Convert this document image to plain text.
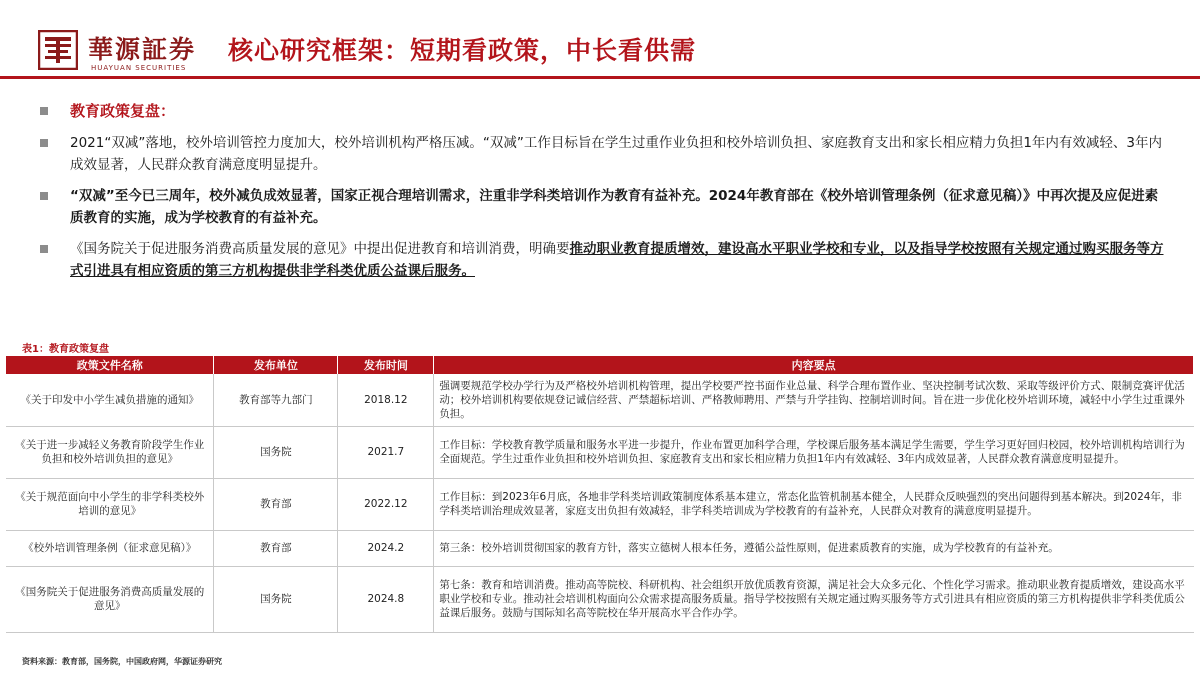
華源証券
HUAYUAN SECURITIES
核心研究框架：短期看政策，中长看供需
教育政策复盘：
2021“双减”落地，校外培训管控力度加大，校外培训机构严格压减。“双减”工作目标旨在学生过重作业负担和校外培训负担、家庭教育支出和家长相应精力负担1年内有效减轻、3年内成效显著，人民群众教育满意度明显提升。
“双减”至今已三周年，校外减负成效显著，国家正视合理培训需求，注重非学科类培训作为教育有益补充。2024年教育部在《校外培训管理条例（征求意见稿）》中再次提及应促进素质教育的实施，成为学校教育的有益补充。
《国务院关于促进服务消费高质量发展的意见》中提出促进教育和培训消费，明确要推动职业教育提质增效，建设高水平职业学校和专业，以及指导学校按照有关规定通过购买服务等方式引进具有相应资质的第三方机构提供非学科类优质公益课后服务。
表1：教育政策复盘
政策文件名称	发布单位	发布时间	内容要点
《关于印发中小学生减负措施的通知》	教育部等九部门	2018.12	强调要规范学校办学行为及严格校外培训机构管理，提出学校要严控书面作业总量、科学合理布置作业、坚决控制考试次数、采取等级评价方式、限制竞赛评优活动；校外培训机构要依规登记诚信经营、严禁超标培训、严格教师聘用、严禁与升学挂钩、控制培训时间。旨在进一步优化校外培训环境，减轻中小学生过重课外负担。
《关于进一步减轻义务教育阶段学生作业负担和校外培训负担的意见》	国务院	2021.7	工作目标：学校教育教学质量和服务水平进一步提升，作业布置更加科学合理，学校课后服务基本满足学生需要，学生学习更好回归校园，校外培训机构培训行为全面规范。学生过重作业负担和校外培训负担、家庭教育支出和家长相应精力负担1年内有效减轻、3年内成效显著，人民群众教育满意度明显提升。
《关于规范面向中小学生的非学科类校外培训的意见》	教育部	2022.12	工作目标：到2023年6月底，各地非学科类培训政策制度体系基本建立，常态化监管机制基本健全，人民群众反映强烈的突出问题得到基本解决。到2024年，非学科类培训治理成效显著，家庭支出负担有效减轻，非学科类培训成为学校教育的有益补充，人民群众对教育的满意度明显提升。
《校外培训管理条例（征求意见稿）》	教育部	2024.2	第三条：校外培训贯彻国家的教育方针，落实立德树人根本任务，遵循公益性原则，促进素质教育的实施，成为学校教育的有益补充。
《国务院关于促进服务消费高质量发展的意见》	国务院	2024.8	第七条：教育和培训消费。推动高等院校、科研机构、社会组织开放优质教育资源，满足社会大众多元化、个性化学习需求。推动职业教育提质增效，建设高水平职业学校和专业。推动社会培训机构面向公众需求提高服务质量。指导学校按照有关规定通过购买服务等方式引进具有相应资质的第三方机构提供非学科类优质公益课后服务。鼓励与国际知名高等院校在华开展高水平合作办学。
资料来源：教育部，国务院，中国政府网，华源证券研究
